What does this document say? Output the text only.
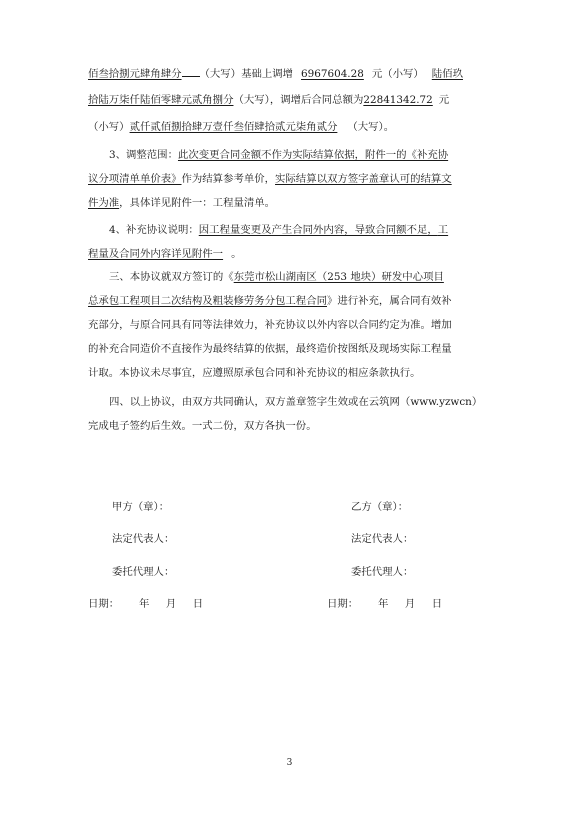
佰叁拾捌元肆角肆分 （大写）基础上调增 6967604.28 元（小写） 陆佰玖
拾陆万柒仟陆佰零肆元贰角捌分（大写），调增后合同总额为22841342.72 元
（小写）贰仟贰佰捌拾肆万壹仟叁佰肆拾贰元柒角贰分 （大写）。
3、调整范围：此次变更合同金额不作为实际结算依据，附件一的《补充协
议分项清单单价表》作为结算参考单价，实际结算以双方签字盖章认可的结算文
件为准，具体详见附件一：工程量清单。
4、补充协议说明：因工程量变更及产生合同外内容，导致合同额不足，工
程量及合同外内容详见附件一 。
三、本协议就双方签订的《东莞市松山湖南区（253 地块）研发中心项目
总承包工程项目二次结构及粗装修劳务分包工程合同》进行补充，属合同有效补
充部分，与原合同具有同等法律效力，补充协议以外内容以合同约定为准。增加
的补充合同造价不直接作为最终结算的依据，最终造价按图纸及现场实际工程量
计取。本协议未尽事宜，应遵照原承包合同和补充协议的相应条款执行。
四、以上协议，由双方共同确认，双方盖章签字生效或在云筑网（www.yzwcn）
完成电子签约后生效。一式二份，双方各执一份。
甲方（章）：	乙方（章）：
法定代表人：	法定代表人：
委托代理人：	委托代理人：
日期：      年     月     日	日期：      年     月     日
3
